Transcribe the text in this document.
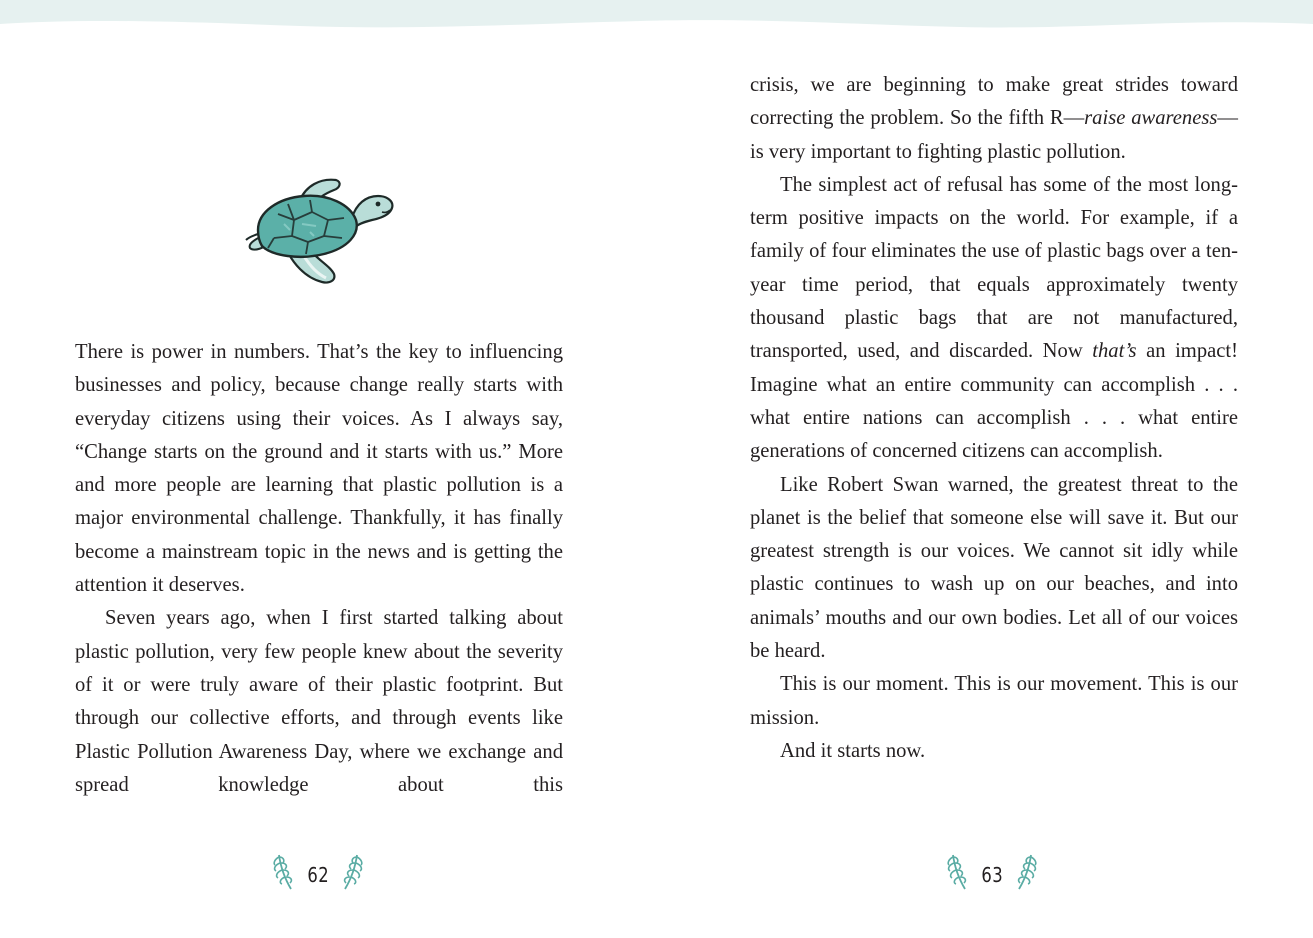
There is power in numbers. That’s the key to influencing businesses and policy, because change really starts with everyday citizens using their voices. As I always say, “Change starts on the ground and it starts with us.” More and more people are learning that plastic pollution is a major environmental challenge. Thankfully, it has finally become a mainstream topic in the news and is getting the attention it deserves.

Seven years ago, when I first started talking about plastic pollution, very few people knew about the severity of it or were truly aware of their plastic footprint. But through our collective efforts, and through events like Plastic Pollution Awareness Day, where we exchange and spread knowledge about this

62

crisis, we are beginning to make great strides toward correcting the problem. So the fifth R—raise awareness— is very important to fighting plastic pollution.

The simplest act of refusal has some of the most long-term positive impacts on the world. For example, if a family of four eliminates the use of plastic bags over a ten-year time period, that equals approximately twenty thousand plastic bags that are not manufactured, transported, used, and discarded. Now that’s an impact! Imagine what an entire community can accomplish . . . what entire nations can accomplish . . . what entire generations of concerned citizens can accomplish.

Like Robert Swan warned, the greatest threat to the planet is the belief that someone else will save it. But our greatest strength is our voices. We cannot sit idly while plastic continues to wash up on our beaches, and into animals’ mouths and our own bodies. Let all of our voices be heard.

This is our moment. This is our movement. This is our mission.

And it starts now.

63
